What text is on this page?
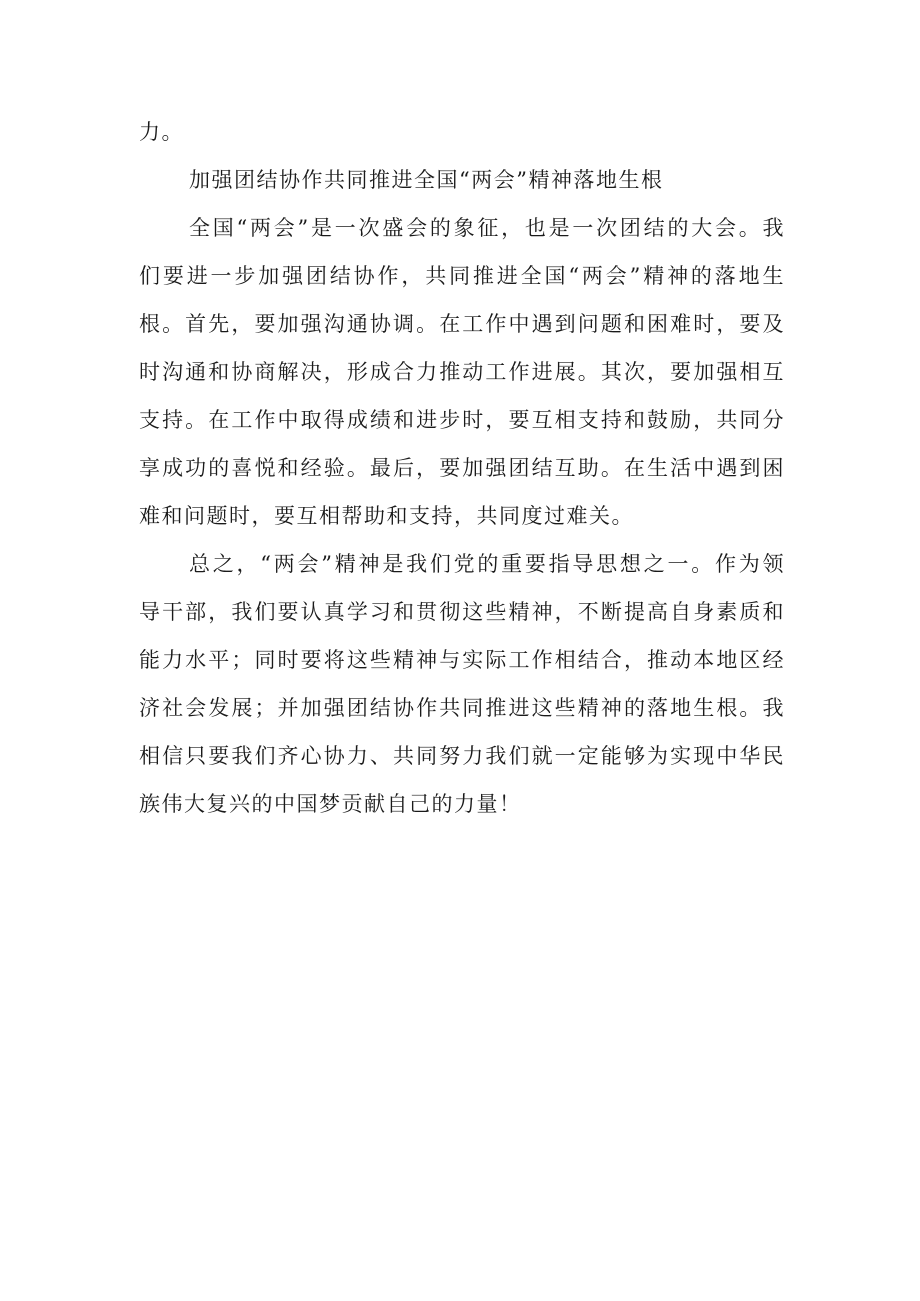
力。
加强团结协作共同推进全国“两会”精神落地生根
全国“两会”是一次盛会的象征，也是一次团结的大会。我
们要进一步加强团结协作，共同推进全国“两会”精神的落地生
根。首先，要加强沟通协调。在工作中遇到问题和困难时，要及
时沟通和协商解决，形成合力推动工作进展。其次，要加强相互
支持。在工作中取得成绩和进步时，要互相支持和鼓励，共同分
享成功的喜悦和经验。最后，要加强团结互助。在生活中遇到困
难和问题时，要互相帮助和支持，共同度过难关。
总之，“两会”精神是我们党的重要指导思想之一。作为领
导干部，我们要认真学习和贯彻这些精神，不断提高自身素质和
能力水平；同时要将这些精神与实际工作相结合，推动本地区经
济社会发展；并加强团结协作共同推进这些精神的落地生根。我
相信只要我们齐心协力、共同努力我们就一定能够为实现中华民
族伟大复兴的中国梦贡献自己的力量！
